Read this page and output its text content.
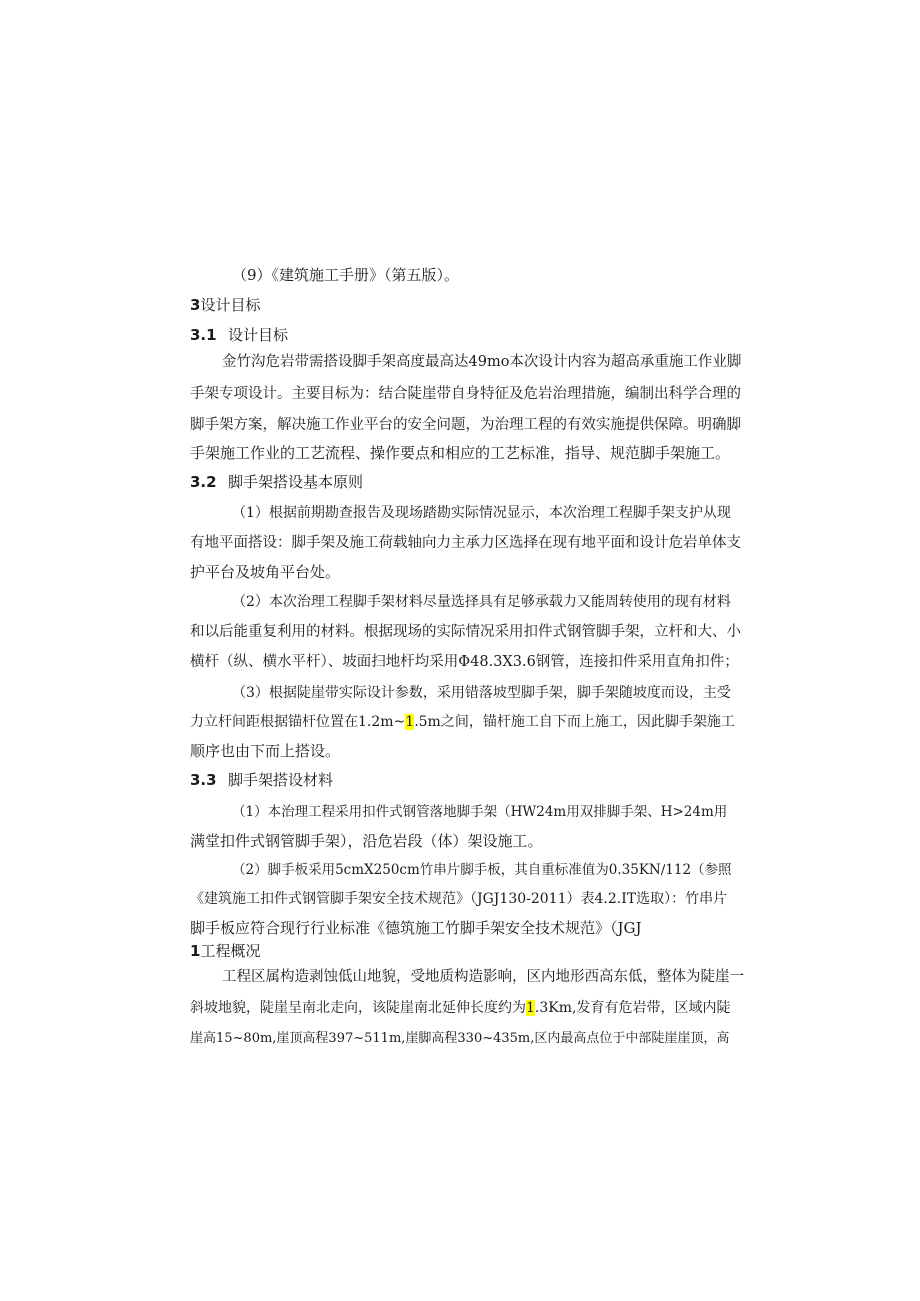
（9）《建筑施工手册》（第五版）。
3设计目标
3.1 设计目标
金竹沟危岩带需搭设脚手架高度最高达49mo本次设计内容为超高承重施工作业脚
手架专项设计。主要目标为：结合陡崖带自身特征及危岩治理措施，编制出科学合理的
脚手架方案，解决施工作业平台的安全问题，为治理工程的有效实施提供保障。明确脚
手架施工作业的工艺流程、操作要点和相应的工艺标准，指导、规范脚手架施工。
3.2 脚手架搭设基本原则
（1）根据前期勘查报告及现场踏勘实际情况显示，本次治理工程脚手架支护从现
有地平面搭设：脚手架及施工荷载轴向力主承力区选择在现有地平面和设计危岩单体支
护平台及坡角平台处。
（2）本次治理工程脚手架材料尽量选择具有足够承载力又能周转使用的现有材料
和以后能重复利用的材料。根据现场的实际情况采用扣件式钢管脚手架，立杆和大、小
横杆（纵、横水平杆）、坡面扫地杆均采用Φ48.3X3.6钢管，连接扣件采用直角扣件；
（3）根据陡崖带实际设计参数，采用错落坡型脚手架，脚手架随坡度而设，主受
力立杆间距根据锚杆位置在1.2m~1.5m之间，锚杆施工自下而上施工，因此脚手架施工
顺序也由下而上搭设。
3.3 脚手架搭设材料
（1）本治理工程采用扣件式钢管落地脚手架（HW24m用双排脚手架、H>24m用
满堂扣件式钢管脚手架），沿危岩段（体）架设施工。
（2）脚手板采用5cmX250cm竹串片脚手板，其自重标准值为0.35KN∕112（参照
《建筑施工扣件式钢管脚手架安全技术规范》（JGJ130-2011）表4.2.IT选取）：竹串片
脚手板应符合现行行业标准《德筑施工竹脚手架安全技术规范》（JGJ
1工程概况
工程区属构造剥蚀低山地貌，受地质构造影响，区内地形西高东低，整体为陡崖一
斜坡地貌，陡崖呈南北走向，该陡崖南北延伸长度约为1.3Km,发育有危岩带，区域内陡
崖高15~80m,崖顶高程397~511m,崖脚高程330~435m,区内最高点位于中部陡崖崖顶，高
